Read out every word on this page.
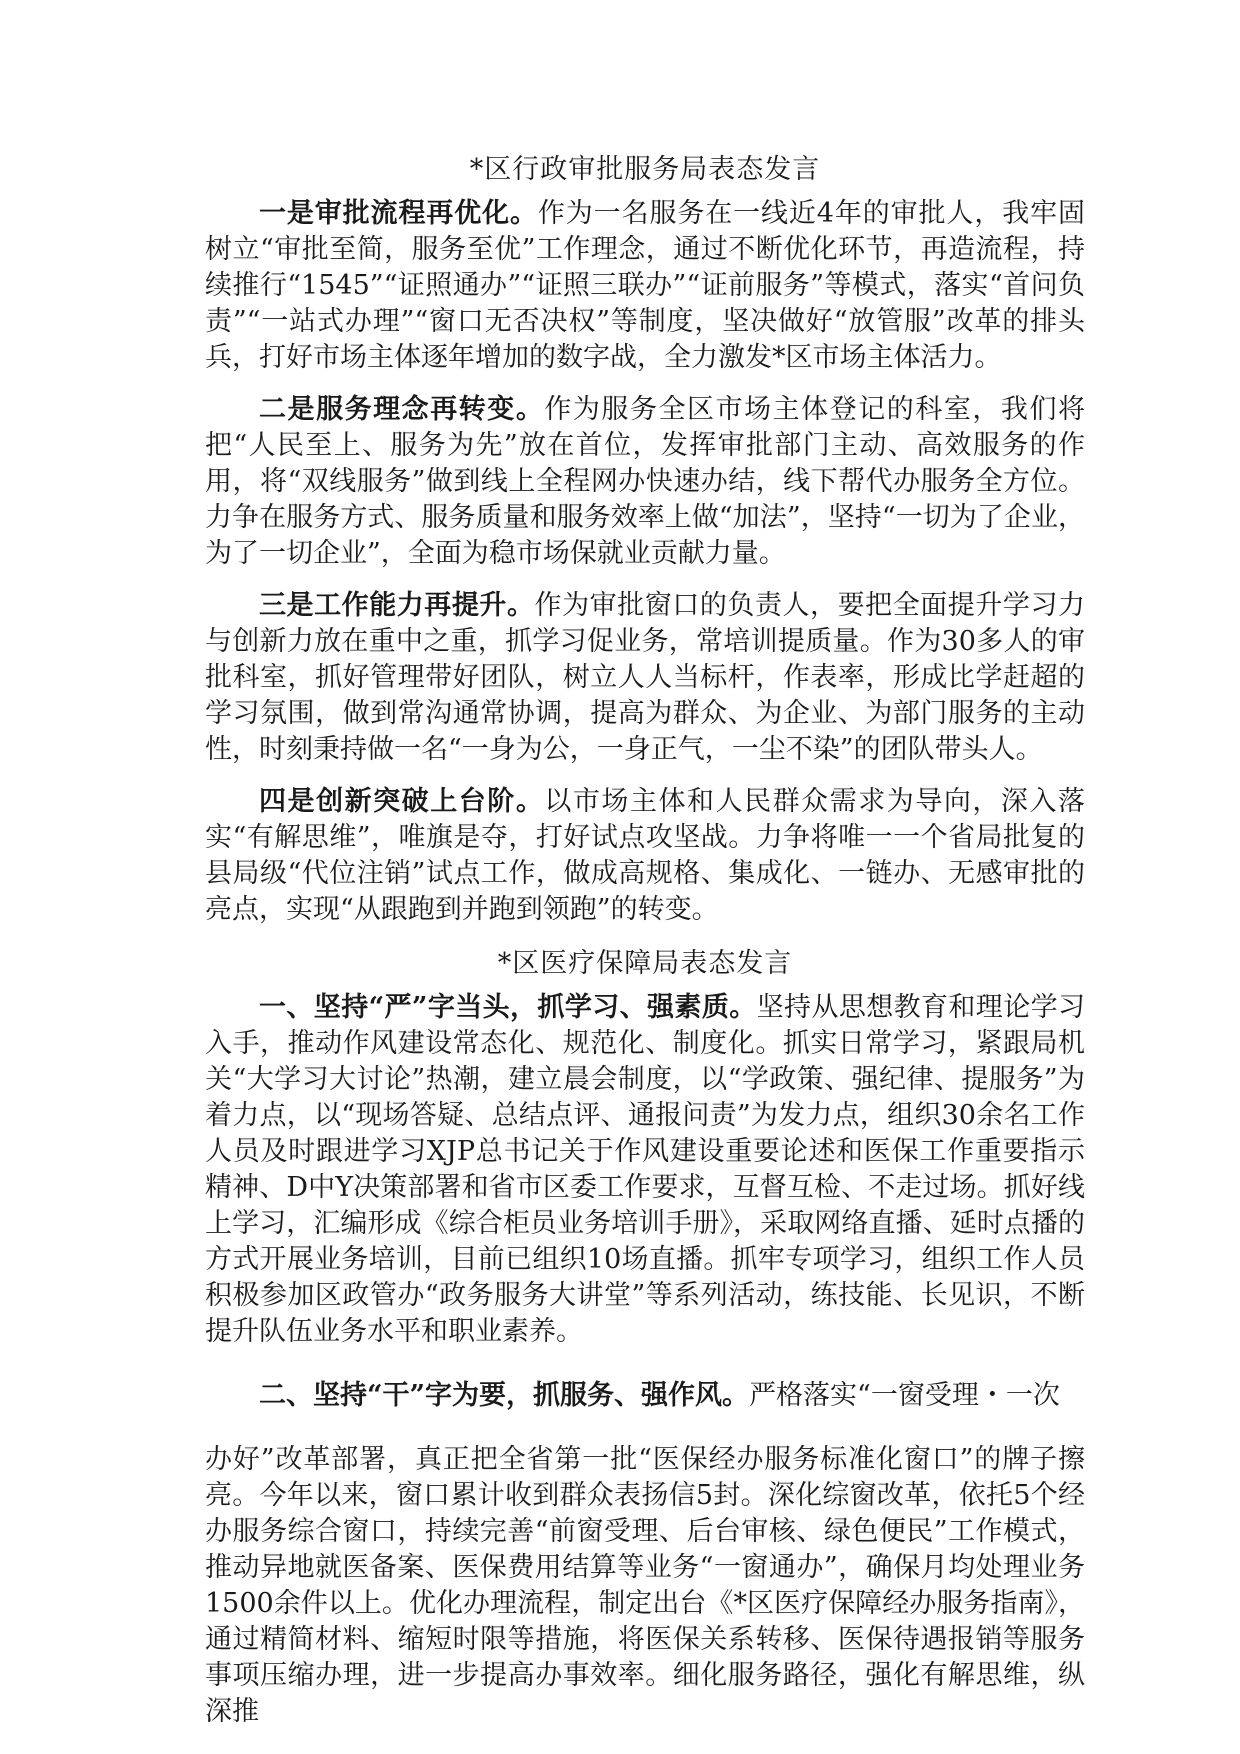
*区行政审批服务局表态发言

一是审批流程再优化。作为一名服务在一线近4年的审批人，我牢固树立“审批至简，服务至优”工作理念，通过不断优化环节，再造流程，持续推行“1545”“证照通办”“证照三联办”“证前服务”等模式，落实“首问负责”“一站式办理”“窗口无否决权”等制度，坚决做好“放管服”改革的排头兵，打好市场主体逐年增加的数字战，全力激发*区市场主体活力。

二是服务理念再转变。作为服务全区市场主体登记的科室，我们将把“人民至上、服务为先”放在首位，发挥审批部门主动、高效服务的作用，将“双线服务”做到线上全程网办快速办结，线下帮代办服务全方位。力争在服务方式、服务质量和服务效率上做“加法”，坚持“一切为了企业，为了一切企业”，全面为稳市场保就业贡献力量。

三是工作能力再提升。作为审批窗口的负责人，要把全面提升学习力与创新力放在重中之重，抓学习促业务，常培训提质量。作为30多人的审批科室，抓好管理带好团队，树立人人当标杆，作表率，形成比学赶超的学习氛围，做到常沟通常协调，提高为群众、为企业、为部门服务的主动性，时刻秉持做一名“一身为公，一身正气，一尘不染”的团队带头人。

四是创新突破上台阶。以市场主体和人民群众需求为导向，深入落实“有解思维”，唯旗是夺，打好试点攻坚战。力争将唯一一个省局批复的县局级“代位注销”试点工作，做成高规格、集成化、一链办、无感审批的亮点，实现“从跟跑到并跑到领跑”的转变。

*区医疗保障局表态发言

一、坚持“严”字当头，抓学习、强素质。坚持从思想教育和理论学习入手，推动作风建设常态化、规范化、制度化。抓实日常学习，紧跟局机关“大学习大讨论”热潮，建立晨会制度，以“学政策、强纪律、提服务”为着力点，以“现场答疑、总结点评、通报问责”为发力点，组织30余名工作人员及时跟进学习XJP总书记关于作风建设重要论述和医保工作重要指示精神、D中Y决策部署和省市区委工作要求，互督互检、不走过场。抓好线上学习，汇编形成《综合柜员业务培训手册》，采取网络直播、延时点播的方式开展业务培训，目前已组织10场直播。抓牢专项学习，组织工作人员积极参加区政管办“政务服务大讲堂”等系列活动，练技能、长见识，不断提升队伍业务水平和职业素养。

二、坚持“干”字为要，抓服务、强作风。严格落实“一窗受理・一次

办好”改革部署，真正把全省第一批“医保经办服务标准化窗口”的牌子擦亮。今年以来，窗口累计收到群众表扬信5封。深化综窗改革，依托5个经办服务综合窗口，持续完善“前窗受理、后台审核、绿色便民”工作模式，推动异地就医备案、医保费用结算等业务“一窗通办”，确保月均处理业务1500余件以上。优化办理流程，制定出台《*区医疗保障经办服务指南》，通过精简材料、缩短时限等措施，将医保关系转移、医保待遇报销等服务事项压缩办理，进一步提高办事效率。细化服务路径，强化有解思维，纵深推
